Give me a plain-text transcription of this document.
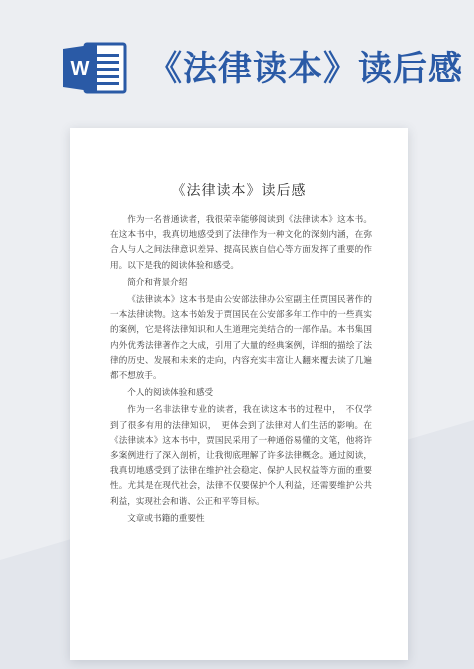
W 《法律读本》读后感
《法律读本》读后感

作为一名普通读者，我很荣幸能够阅读到《法律读本》这本书。在这本书中，我真切地感受到了法律作为一种文化的深刻内涵，在弥合人与人之间法律意识差异、提高民族自信心等方面发挥了重要的作用。以下是我的阅读体验和感受。

简介和背景介绍

《法律读本》这本书是由公安部法律办公室副主任贾国民著作的一本法律读物。这本书始发于贾国民在公安部多年工作中的一些真实的案例，它是将法律知识和人生道理完美结合的一部作品。本书集国内外优秀法律著作之大成，引用了大量的经典案例，详细的描绘了法律的历史、发展和未来的走向，内容充实丰富让人翻来覆去读了几遍都不想放手。

个人的阅读体验和感受

作为一名非法律专业的读者，我在读这本书的过程中，　不仅学到了很多有用的法律知识，　更体会到了法律对人们生活的影响。在《法律读本》这本书中，贾国民采用了一种通俗易懂的文笔，他将许多案例进行了深入剖析，让我彻底理解了许多法律概念。通过阅读，我真切地感受到了法律在维护社会稳定、保护人民权益等方面的重要性。尤其是在现代社会，法律不仅要保护个人利益，还需要维护公共利益，实现社会和谐、公正和平等目标。

文章或书籍的重要性
